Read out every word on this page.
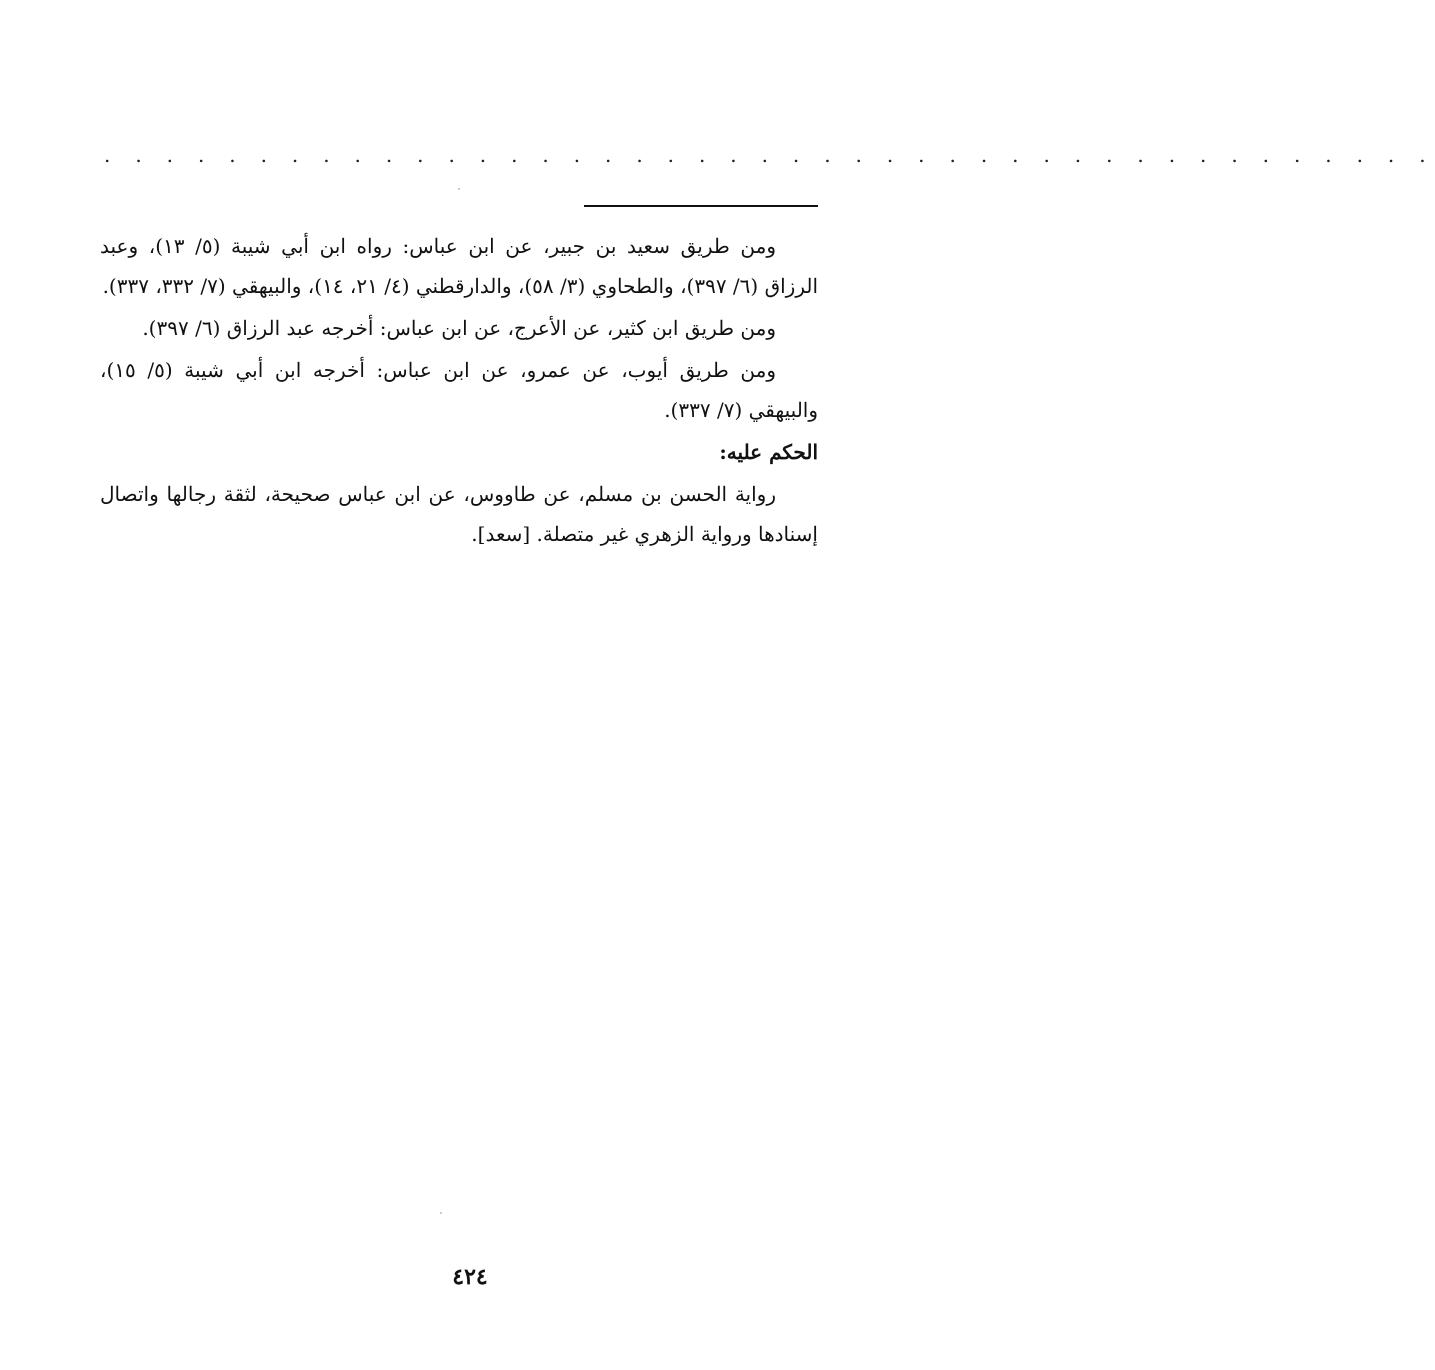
. . . . . . . . . . . . . . . . . . . . . . . . . . . . . . . . . . . . . . . . . . .

ومن طريق سعيد بن جبير، عن ابن عباس: رواه ابن أبي شيبة (٥/ ١٣)، وعبد الرزاق (٦/ ٣٩٧)، والطحاوي (٣/ ٥٨)، والدارقطني (٤/ ٢١، ١٤)، والبيهقي (٧/ ٣٣٢، ٣٣٧).

ومن طريق ابن كثير، عن الأعرج، عن ابن عباس: أخرجه عبد الرزاق (٦/ ٣٩٧).

ومن طريق أيوب، عن عمرو، عن ابن عباس: أخرجه ابن أبي شيبة (٥/ ١٥)، والبيهقي (٧/ ٣٣٧).

الحكم عليه:

رواية الحسن بن مسلم، عن طاووس، عن ابن عباس صحيحة، لثقة رجالها واتصال إسنادها ورواية الزهري غير متصلة. [سعد].

٤٢٤
